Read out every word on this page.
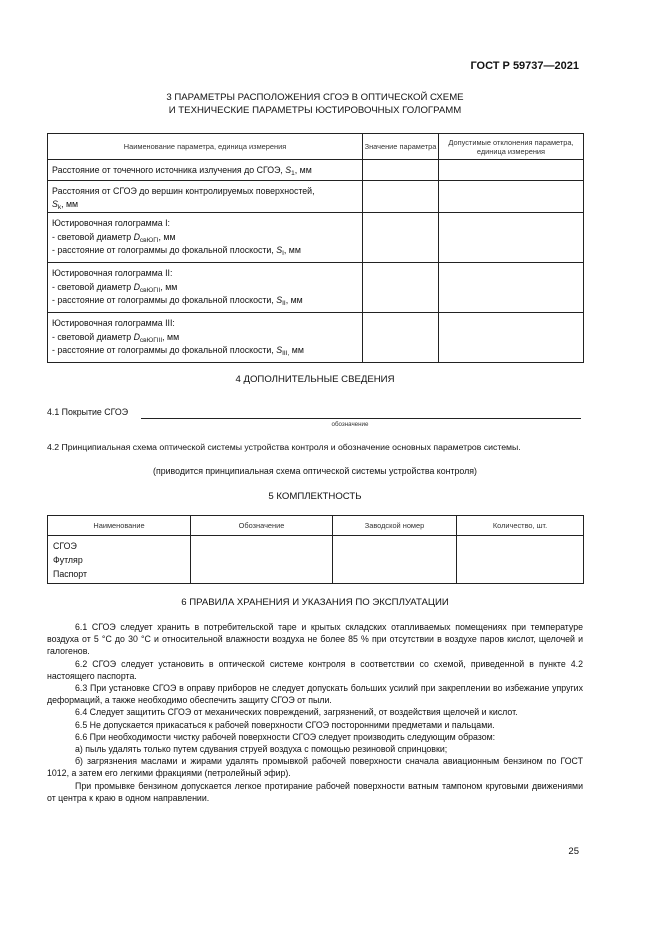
ГОСТ Р 59737—2021
3 ПАРАМЕТРЫ РАСПОЛОЖЕНИЯ СГОЭ В ОПТИЧЕСКОЙ СХЕМЕ
И ТЕХНИЧЕСКИЕ ПАРАМЕТРЫ ЮСТИРОВОЧНЫХ ГОЛОГРАММ
Наименование параметра, единица измерения	Значение параметра	Допустимые отклонения параметра, единица измерения
Расстояние от точечного источника излучения до СГОЭ, $S_1$, мм		

Расстояния от СГОЭ до вершин контролируемых поверхностей,
$S_k$, мм		

Юстировочная голограмма I:
- световой диаметр $D_{свЮГI}$, мм
- расстояние от голограммы до фокальной плоскости, $S_I$, мм		

Юстировочная голограмма II:
- световой диаметр $D_{свЮГII}$, мм
- расстояние от голограммы до фокальной плоскости, $S_{II}$, мм		

Юстировочная голограмма III:
- световой диаметр $D_{свЮГIII}$, мм
- расстояние от голограммы до фокальной плоскости, $S_{III,}$ мм		

4 ДОПОЛНИТЕЛЬНЫЕ СВЕДЕНИЯ
4.1 Покрытие СГОЭ
обозначение
4.2 Принципиальная схема оптической системы устройства контроля и обозначение основных параметров системы.
(приводится принципиальная схема оптической системы устройства контроля)
5 КОМПЛЕКТНОСТЬ
Наименование	Обозначение	Заводской номер	Количество, шт.

СГОЭ
Футляр
Паспорт			

6 ПРАВИЛА ХРАНЕНИЯ И УКАЗАНИЯ ПО ЭКСПЛУАТАЦИИ
6.1 СГОЭ следует хранить в потребительской таре и крытых складских отапливаемых помещениях при температуре воздуха от 5 °С до 30 °С и относительной влажности воздуха не более 85 % при отсутствии в воздухе паров кислот, щелочей и галогенов.
6.2 СГОЭ следует установить в оптической системе контроля в соответствии со схемой, приведенной в пункте 4.2 настоящего паспорта.
6.3 При установке СГОЭ в оправу приборов не следует допускать больших усилий при закреплении во избежание упругих деформаций, а также необходимо обеспечить защиту СГОЭ от пыли.
6.4 Следует защитить СГОЭ от механических повреждений, загрязнений, от воздействия щелочей и кислот.
6.5 Не допускается прикасаться к рабочей поверхности СГОЭ посторонними предметами и пальцами.
6.6 При необходимости чистку рабочей поверхности СГОЭ следует производить следующим образом:
а) пыль удалять только путем сдувания струей воздуха с помощью резиновой спринцовки;
б) загрязнения маслами и жирами удалять промывкой рабочей поверхности сначала авиационным бензином по ГОСТ 1012, а затем его легкими фракциями (петролейный эфир).
При промывке бензином допускается легкое протирание рабочей поверхности ватным тампоном круговыми движениями от центра к краю в одном направлении.
25
